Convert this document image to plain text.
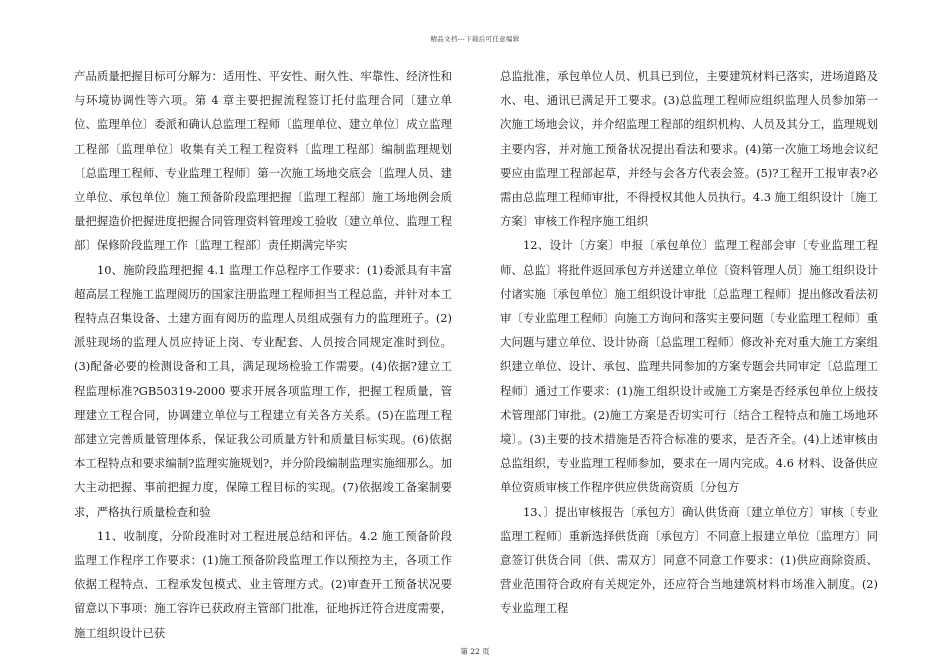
精品文档---下载后可任意编辑

产品质量把握目标可分解为：适用性、平安性、耐久性、牢靠性、经济性和与环境协调性等六项。第 4 章主要把握流程签订托付监理合同〔建立单位、监理单位〕委派和确认总监理工程师〔监理单位、建立单位〕成立监理工程部〔监理单位〕收集有关工程工程资料〔监理工程部〕编制监理规划〔总监理工程师、专业监理工程师〕第一次施工场地交底会〔监理人员、建立单位、承包单位〕施工预备阶段监理把握〔监理工程部〕施工场地例会质量把握造价把握进度把握合同管理资料管理竣工验收〔建立单位、监理工程部〕保修阶段监理工作〔监理工程部〕责任期满完毕实

10、施阶段监理把握 4.1 监理工作总程序工作要求：(1)委派具有丰富超高层工程施工监理阅历的国家注册监理工程师担当工程总监，并针对本工程特点召集设备、土建方面有阅历的监理人员组成强有力的监理班子。(2)派驻现场的监理人员应持证上岗、专业配套、人员按合同规定准时到位。(3)配备必要的检测设备和工具，满足现场检验工作需要。(4)依据?建立工程监理标准?GB50319-2000 要求开展各项监理工作，把握工程质量，管理建立工程合同，协调建立单位与工程建立有关各方关系。(5)在监理工程部建立完善质量管理体系，保证我公司质量方针和质量目标实现。(6)依据本工程特点和要求编制?监理实施规划?，并分阶段编制监理实施细那么。加大主动把握、事前把握力度，保障工程目标的实现。(7)依据竣工备案制要求，严格执行质量检查和验

11、收制度，分阶段准时对工程进展总结和评估。4.2 施工预备阶段监理工作程序工作要求：(1)施工预备阶段监理工作以预控为主，各项工作依据工程特点、工程承发包模式、业主管理方式。(2)审查开工预备状况要留意以下事项：施工容许已获政府主管部门批准，征地拆迁符合进度需要，施工组织设计已获

总监批准，承包单位人员、机具已到位，主要建筑材料已落实，进场道路及水、电、通讯已满足开工要求。(3)总监理工程师应组织监理人员参加第一次施工场地会议，并介绍监理工程部的组织机构、人员及其分工，监理规划主要内容，并对施工预备状况提出看法和要求。(4)第一次施工场地会议纪要应由监理工程部起草，并经与会各方代表会签。(5)?工程开工报审表?必需由总监理工程师审批，不得授权其他人员执行。4.3 施工组织设计〔施工方案〕审核工作程序施工组织

12、设计〔方案〕申报〔承包单位〕监理工程部会审〔专业监理工程师、总监〕将批件返回承包方并送建立单位〔资料管理人员〕施工组织设计付诸实施〔承包单位〕施工组织设计审批〔总监理工程师〕提出修改看法初审〔专业监理工程师〕向施工方询问和落实主要问题〔专业监理工程师〕重大问题与建立单位、设计协商〔总监理工程师〕修改补充对重大施工方案组织建立单位、设计、承包、监理共同参加的方案专题会共同审定〔总监理工程师〕通过工作要求：(1)施工组织设计或施工方案是否经承包单位上级技术管理部门审批。(2)施工方案是否切实可行〔结合工程特点和施工场地环境〕。(3)主要的技术措施是否符合标准的要求，是否齐全。(4)上述审核由总监组织，专业监理工程师参加，要求在一周内完成。4.6 材料、设备供应单位资质审核工作程序供应供货商资质〔分包方

13、〕提出审核报告〔承包方〕确认供货商〔建立单位方〕审核〔专业监理工程师〕重新选择供货商〔承包方〕不同意上报建立单位〔监理方〕同意签订供货合同〔供、需双方〕同意不同意工作要求：(1)供应商除资质、营业范围符合政府有关规定外，还应符合当地建筑材料市场准入制度。(2)专业监理工程

第 22 页
